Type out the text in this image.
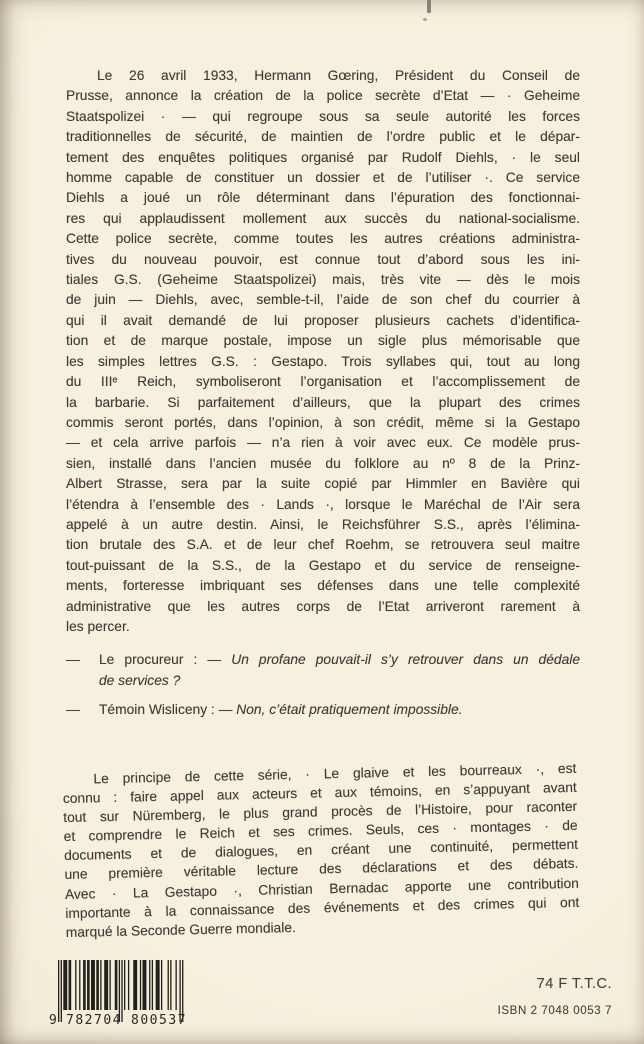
Le 26 avril 1933, Hermann Gœring, Président du Conseil de
Prusse, annonce la création de la police secrète d’Etat — · Geheime
Staatspolizei · — qui regroupe sous sa seule autorité les forces
traditionnelles de sécurité, de maintien de l’ordre public et le dépar-
tement des enquêtes politiques organisé par Rudolf Diehls, · le seul
homme capable de constituer un dossier et de l’utiliser ·. Ce service
Diehls a joué un rôle déterminant dans l’épuration des fonctionnai-
res qui applaudissent mollement aux succès du national-socialisme.
Cette police secrète, comme toutes les autres créations administra-
tives du nouveau pouvoir, est connue tout d’abord sous les ini-
tiales G.S. (Geheime Staatspolizei) mais, très vite — dès le mois
de juin — Diehls, avec, semble-t-il, l’aide de son chef du courrier à
qui il avait demandé de lui proposer plusieurs cachets d’identifica-
tion et de marque postale, impose un sigle plus mémorisable que
les simples lettres G.S. : Gestapo. Trois syllabes qui, tout au long
du IIIᵉ Reich, symboliseront l’organisation et l’accomplissement de
la barbarie. Si parfaitement d’ailleurs, que la plupart des crimes
commis seront portés, dans l’opinion, à son crédit, même si la Gestapo
— et cela arrive parfois — n’a rien à voir avec eux. Ce modèle prus-
sien, installé dans l’ancien musée du folklore au nº 8 de la Prinz-
Albert Strasse, sera par la suite copié par Himmler en Bavière qui
l’étendra à l’ensemble des · Lands ·, lorsque le Maréchal de l’Air sera
appelé à un autre destin. Ainsi, le Reichsführer S.S., après l’élimina-
tion brutale des S.A. et de leur chef Roehm, se retrouvera seul maitre
tout-puissant de la S.S., de la Gestapo et du service de renseigne-
ments, forteresse imbriquant ses défenses dans une telle complexité
administrative que les autres corps de l’Etat arriveront rarement à
les percer.
— Le procureur : — Un profane pouvait-il s’y retrouver dans un dédale
de services ?
— Témoin Wisliceny : — Non, c’était pratiquement impossible.
Le principe de cette série, · Le glaive et les bourreaux ·, est
connu : faire appel aux acteurs et aux témoins, en s’appuyant avant
tout sur Nüremberg, le plus grand procès de l’Histoire, pour raconter
et comprendre le Reich et ses crimes. Seuls, ces · montages · de
documents et de dialogues, en créant une continuité, permettent
une première véritable lecture des déclarations et des débats.
Avec · La Gestapo ·, Christian Bernadac apporte une contribution
importante à la connaissance des événements et des crimes qui ont
marqué la Seconde Guerre mondiale.
9 782704 800537
74 F T.T.C.
ISBN 2 7048 0053 7
